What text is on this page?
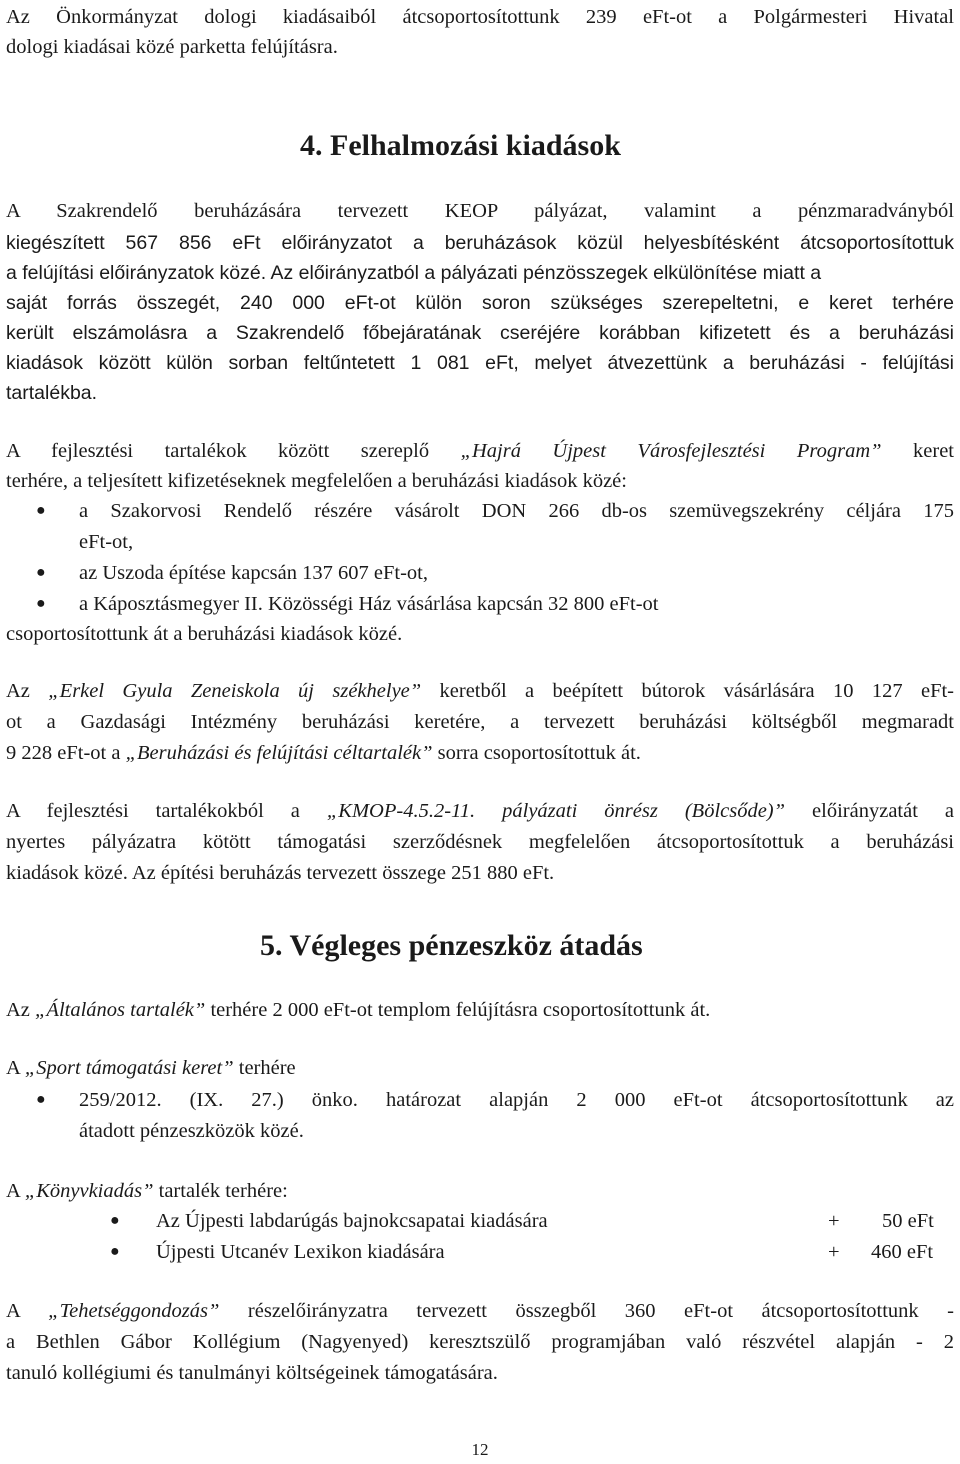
Az Önkormányzat dologi kiadásaiból átcsoportosítottunk 239 eFt-ot a Polgármesteri Hivatal
dologi kiadásai közé parketta felújításra.
4. Felhalmozási kiadások
A Szakrendelő beruházására tervezett KEOP pályázat, valamint a pénzmaradványból
kiegészített 567 856 eFt előirányzatot a beruházások közül helyesbítésként átcsoportosítottuk
a felújítási előirányzatok közé. Az előirányzatból a pályázati pénzösszegek elkülönítése miatt a
saját forrás összegét, 240 000 eFt-ot külön soron szükséges szerepeltetni, e keret terhére
került elszámolásra a Szakrendelő főbejáratának cseréjére korábban kifizetett és a beruházási
kiadások között külön sorban feltűntetett 1 081 eFt, melyet átvezettünk a beruházási - felújítási
tartalékba.
A fejlesztési tartalékok között szereplő „Hajrá Újpest Városfejlesztési Program” keret
terhére, a teljesített kifizetéseknek megfelelően a beruházási kiadások közé:
● a Szakorvosi Rendelő részére vásárolt DON 266 db-os szemüvegszekrény céljára 175
eFt-ot,
● az Uszoda építése kapcsán 137 607 eFt-ot,
● a Káposztásmegyer II. Közösségi Ház vásárlása kapcsán 32 800 eFt-ot
csoportosítottunk át a beruházási kiadások közé.
Az „Erkel Gyula Zeneiskola új székhelye” keretből a beépített bútorok vásárlására 10 127 eFt-
ot a Gazdasági Intézmény beruházási keretére, a tervezett beruházási költségből megmaradt
9 228 eFt-ot a „Beruházási és felújítási céltartalék” sorra csoportosítottuk át.
A fejlesztési tartalékokból a „KMOP-4.5.2-11. pályázati önrész (Bölcsőde)” előirányzatát a
nyertes pályázatra kötött támogatási szerződésnek megfelelően átcsoportosítottuk a beruházási
kiadások közé. Az építési beruházás tervezett összege 251 880 eFt.
5. Végleges pénzeszköz átadás
Az „Általános tartalék” terhére 2 000 eFt-ot templom felújításra csoportosítottunk át.
A „Sport támogatási keret” terhére
● 259/2012. (IX. 27.) önko. határozat alapján 2 000 eFt-ot átcsoportosítottunk az
átadott pénzeszközök közé.
A „Könyvkiadás” tartalék terhére:
● Az Újpesti labdarúgás bajnokcsapatai kiadására	+ 50 eFt
● Újpesti Utcanév Lexikon kiadására	+ 460 eFt
A „Tehetséggondozás” részelőirányzatra tervezett összegből 360 eFt-ot átcsoportosítottunk -
a Bethlen Gábor Kollégium (Nagyenyed) keresztszülő programjában való részvétel alapján - 2
tanuló kollégiumi és tanulmányi költségeinek támogatására.
12
